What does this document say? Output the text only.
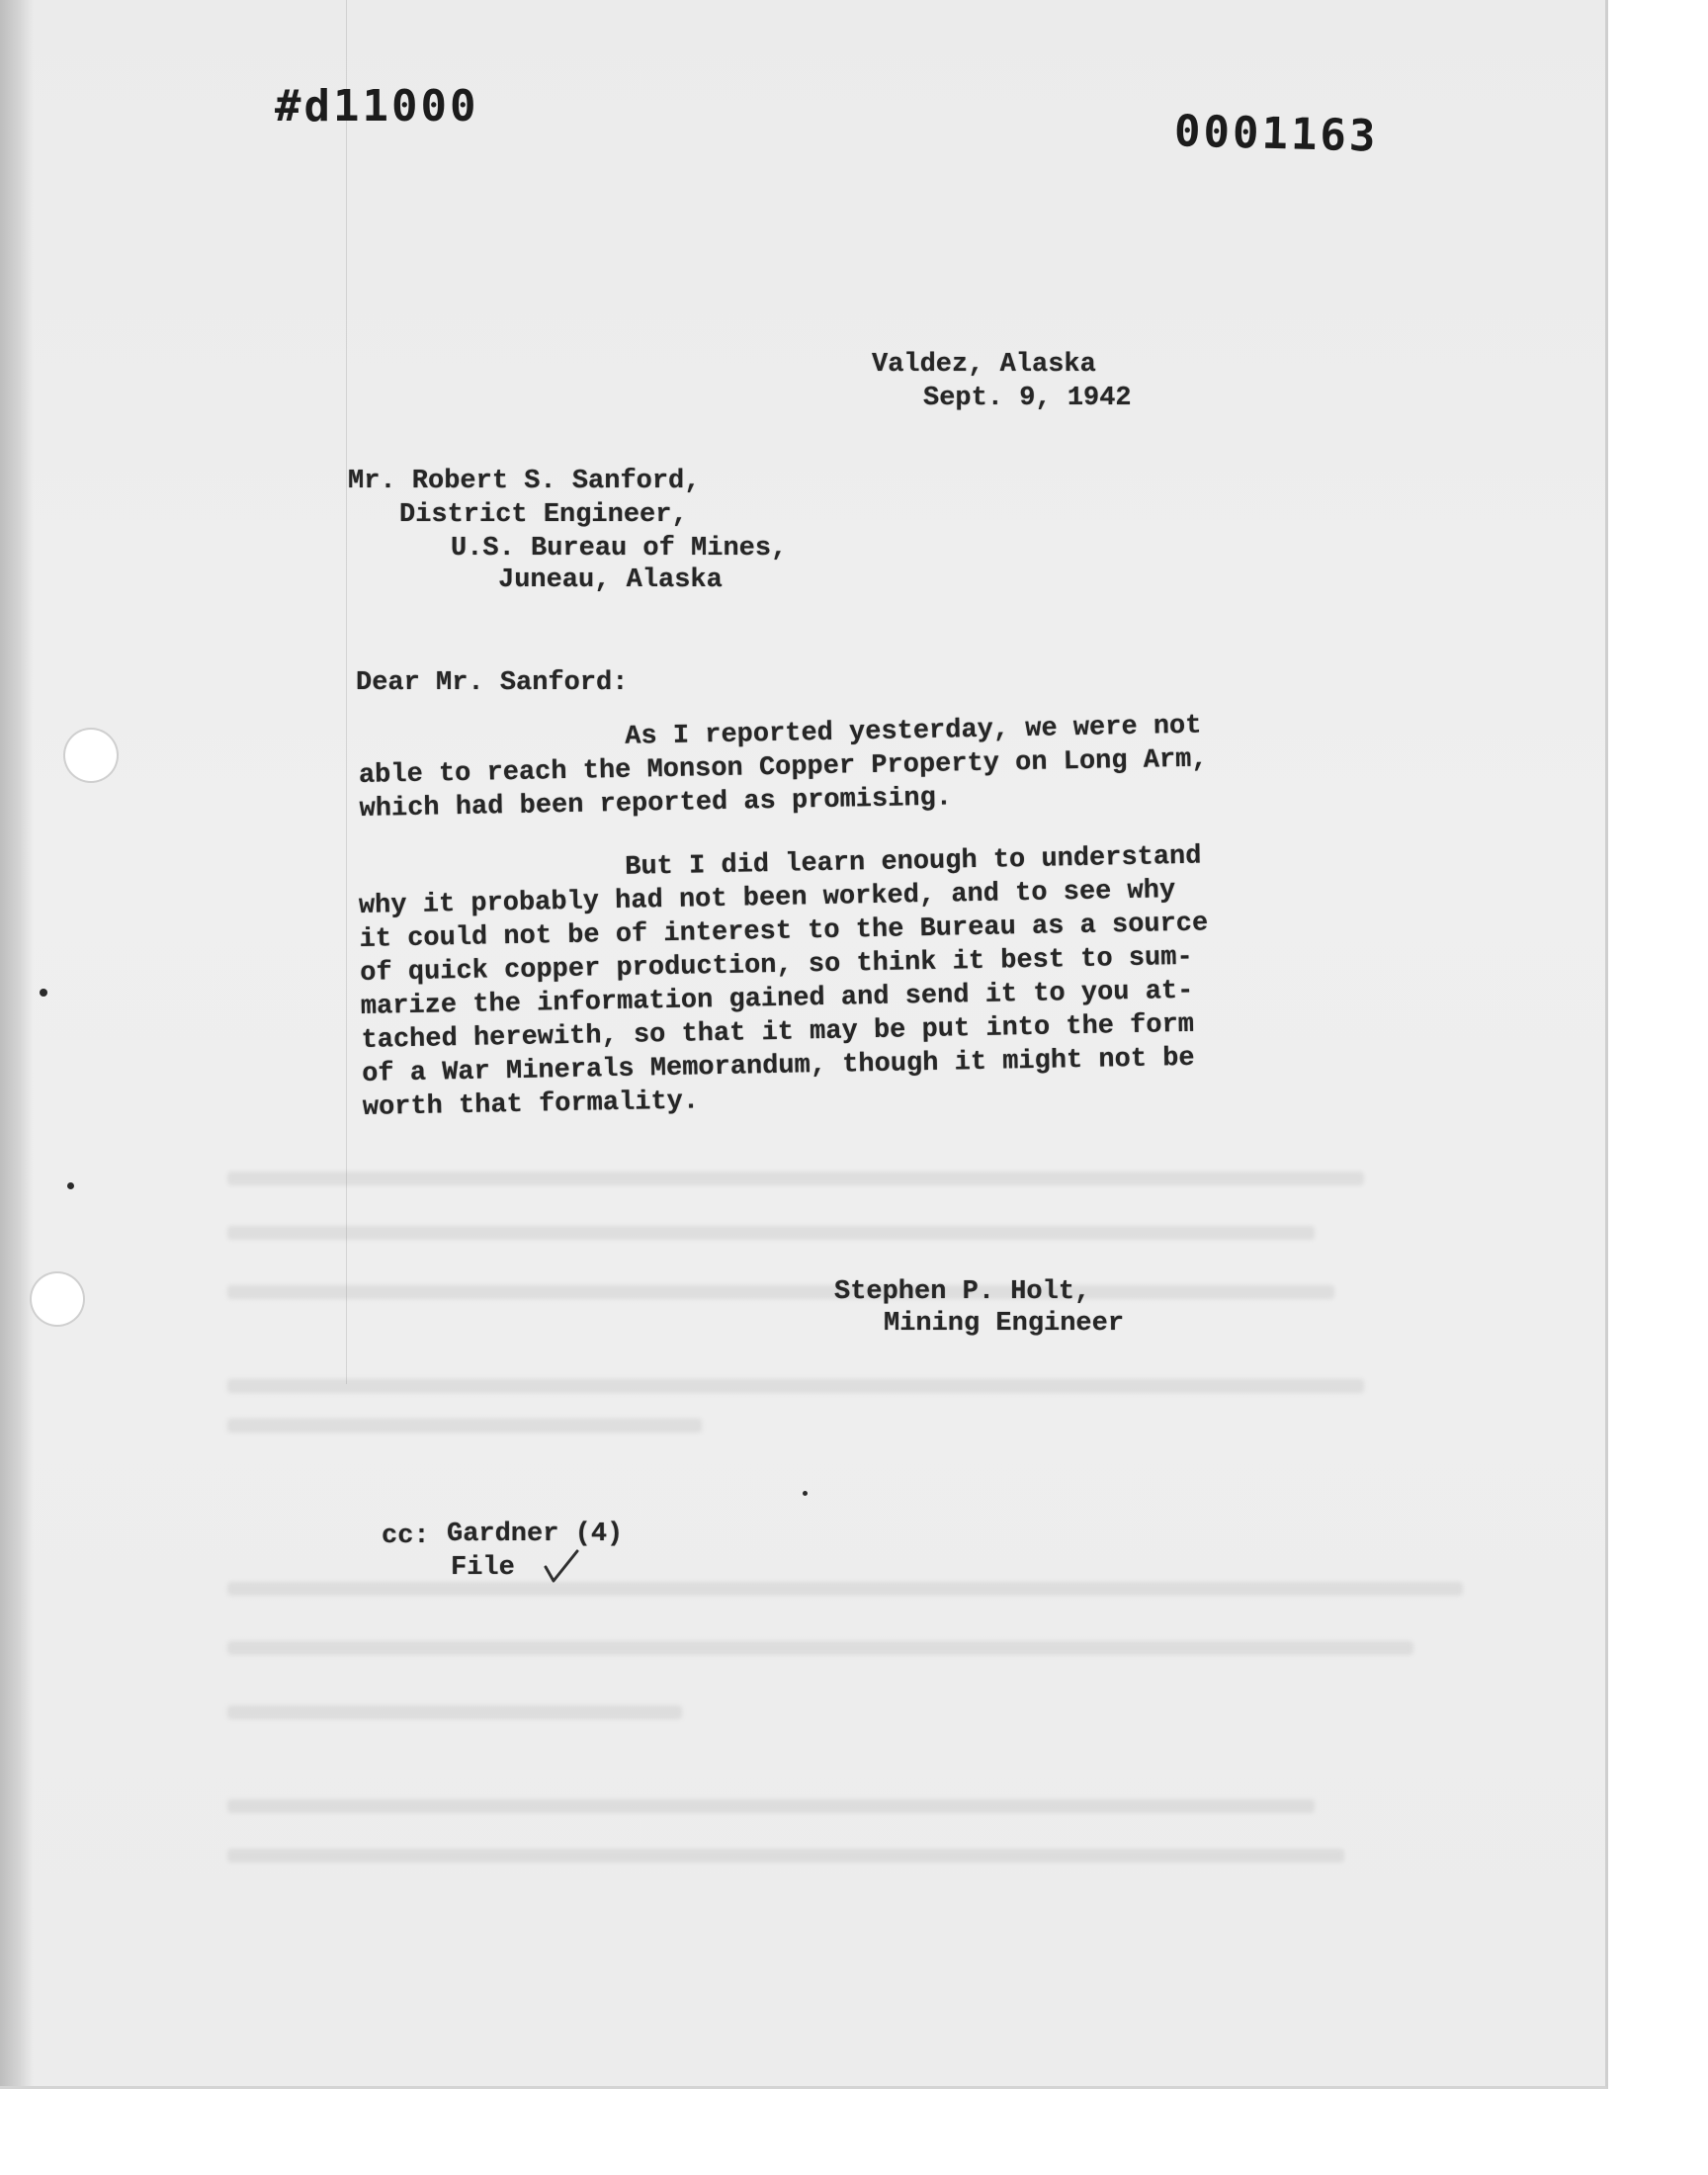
#d11000	0001163
Valdez, Alaska
Sept. 9, 1942
Mr. Robert S. Sanford,
District Engineer,
U.S. Bureau of Mines,
Juneau, Alaska
Dear Mr. Sanford:
As I reported yesterday, we were not
able to reach the Monson Copper Property on Long Arm,
which had been reported as promising.
But I did learn enough to understand
why it probably had not been worked, and to see why
it could not be of interest to the Bureau as a source
of quick copper production, so think it best to sum-
marize the information gained and send it to you at-
tached herewith, so that it may be put into the form
of a War Minerals Memorandum, though it might not be
worth that formality.
Stephen P. Holt,
Mining Engineer
cc: Gardner (4)
File
